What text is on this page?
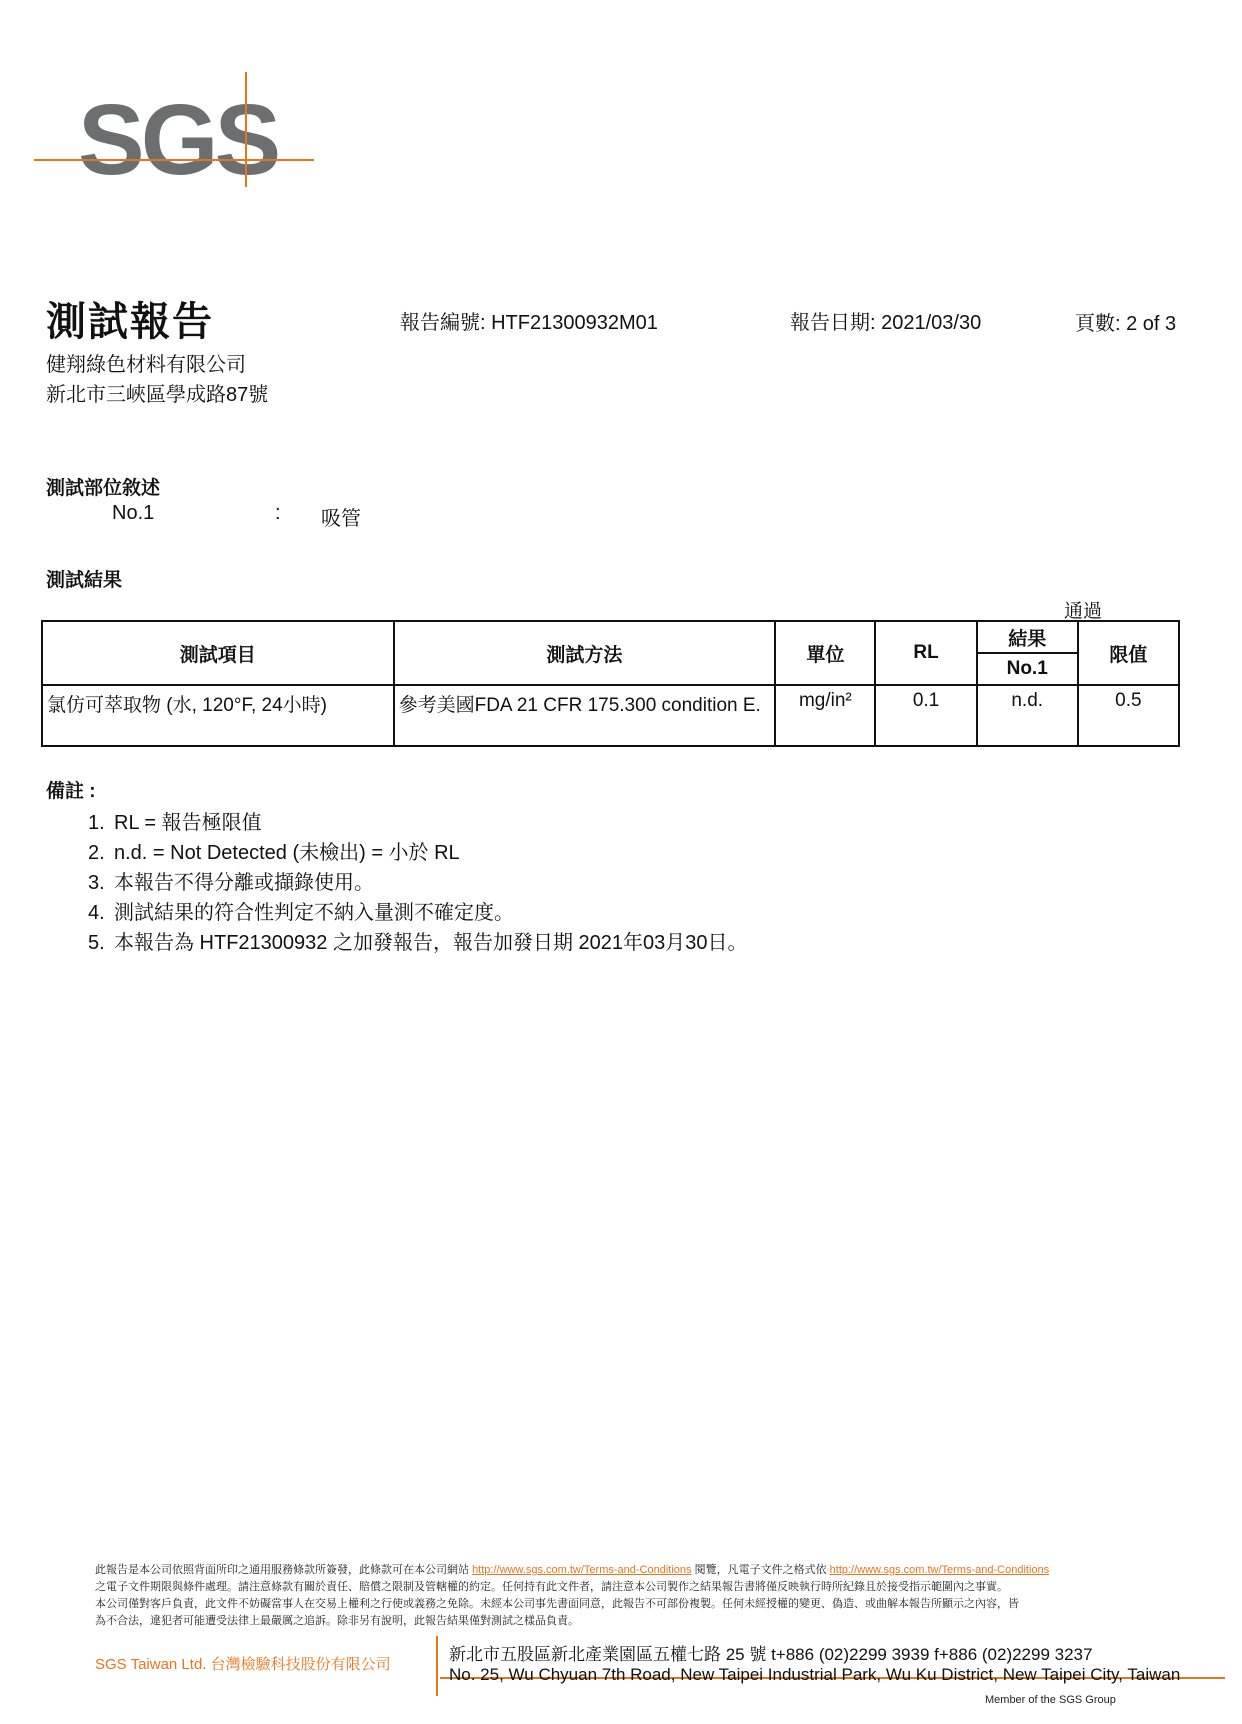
SGS
測試報告	報告編號: HTF21300932M01	報告日期: 2021/03/30	頁數: 2 of 3
健翔綠色材料有限公司
新北市三峽區學成路87號
測試部位敘述
No.1	: 吸管
測試結果
通過
測試項目	測試方法	單位	RL	結果	限值
				No.1	
氯仿可萃取物 (水, 120°F, 24小時)	參考美國FDA 21 CFR 175.300 condition E.	mg/in²	0.1	n.d.	0.5
備註 :
1. RL = 報告極限值
2. n.d. = Not Detected (未檢出) = 小於 RL
3. 本報告不得分離或擷錄使用。
4. 測試結果的符合性判定不納入量測不確定度。
5. 本報告為 HTF21300932 之加發報告，報告加發日期 2021年03月30日。
此報告是本公司依照背面所印之通用服務條款所簽發，此條款可在本公司網站 http://www.sgs.com.tw/Terms-and-Conditions 閱覽，凡電子文件之格式依 http://www.sgs.com.tw/Terms-and-Conditions
之電子文件期限與條件處理。請注意條款有關於責任、賠償之限制及管轄權的約定。任何持有此文件者，請注意本公司製作之結果報告書將僅反映執行時所紀錄且於接受指示範圍內之事實。
本公司僅對客戶負責，此文件不妨礙當事人在交易上權利之行使或義務之免除。未經本公司事先書面同意，此報告不可部份複製。任何未經授權的變更、偽造、或曲解本報告所顯示之內容，皆
為不合法，違犯者可能遭受法律上最嚴厲之追訴。除非另有說明，此報告結果僅對測試之樣品負責。
SGS Taiwan Ltd. 台灣檢驗科技股份有限公司
新北市五股區新北產業園區五權七路 25 號 t+886 (02)2299 3939 f+886 (02)2299 3237
No. 25, Wu Chyuan 7th Road, New Taipei Industrial Park, Wu Ku District, New Taipei City, Taiwan
Member of the SGS Group
